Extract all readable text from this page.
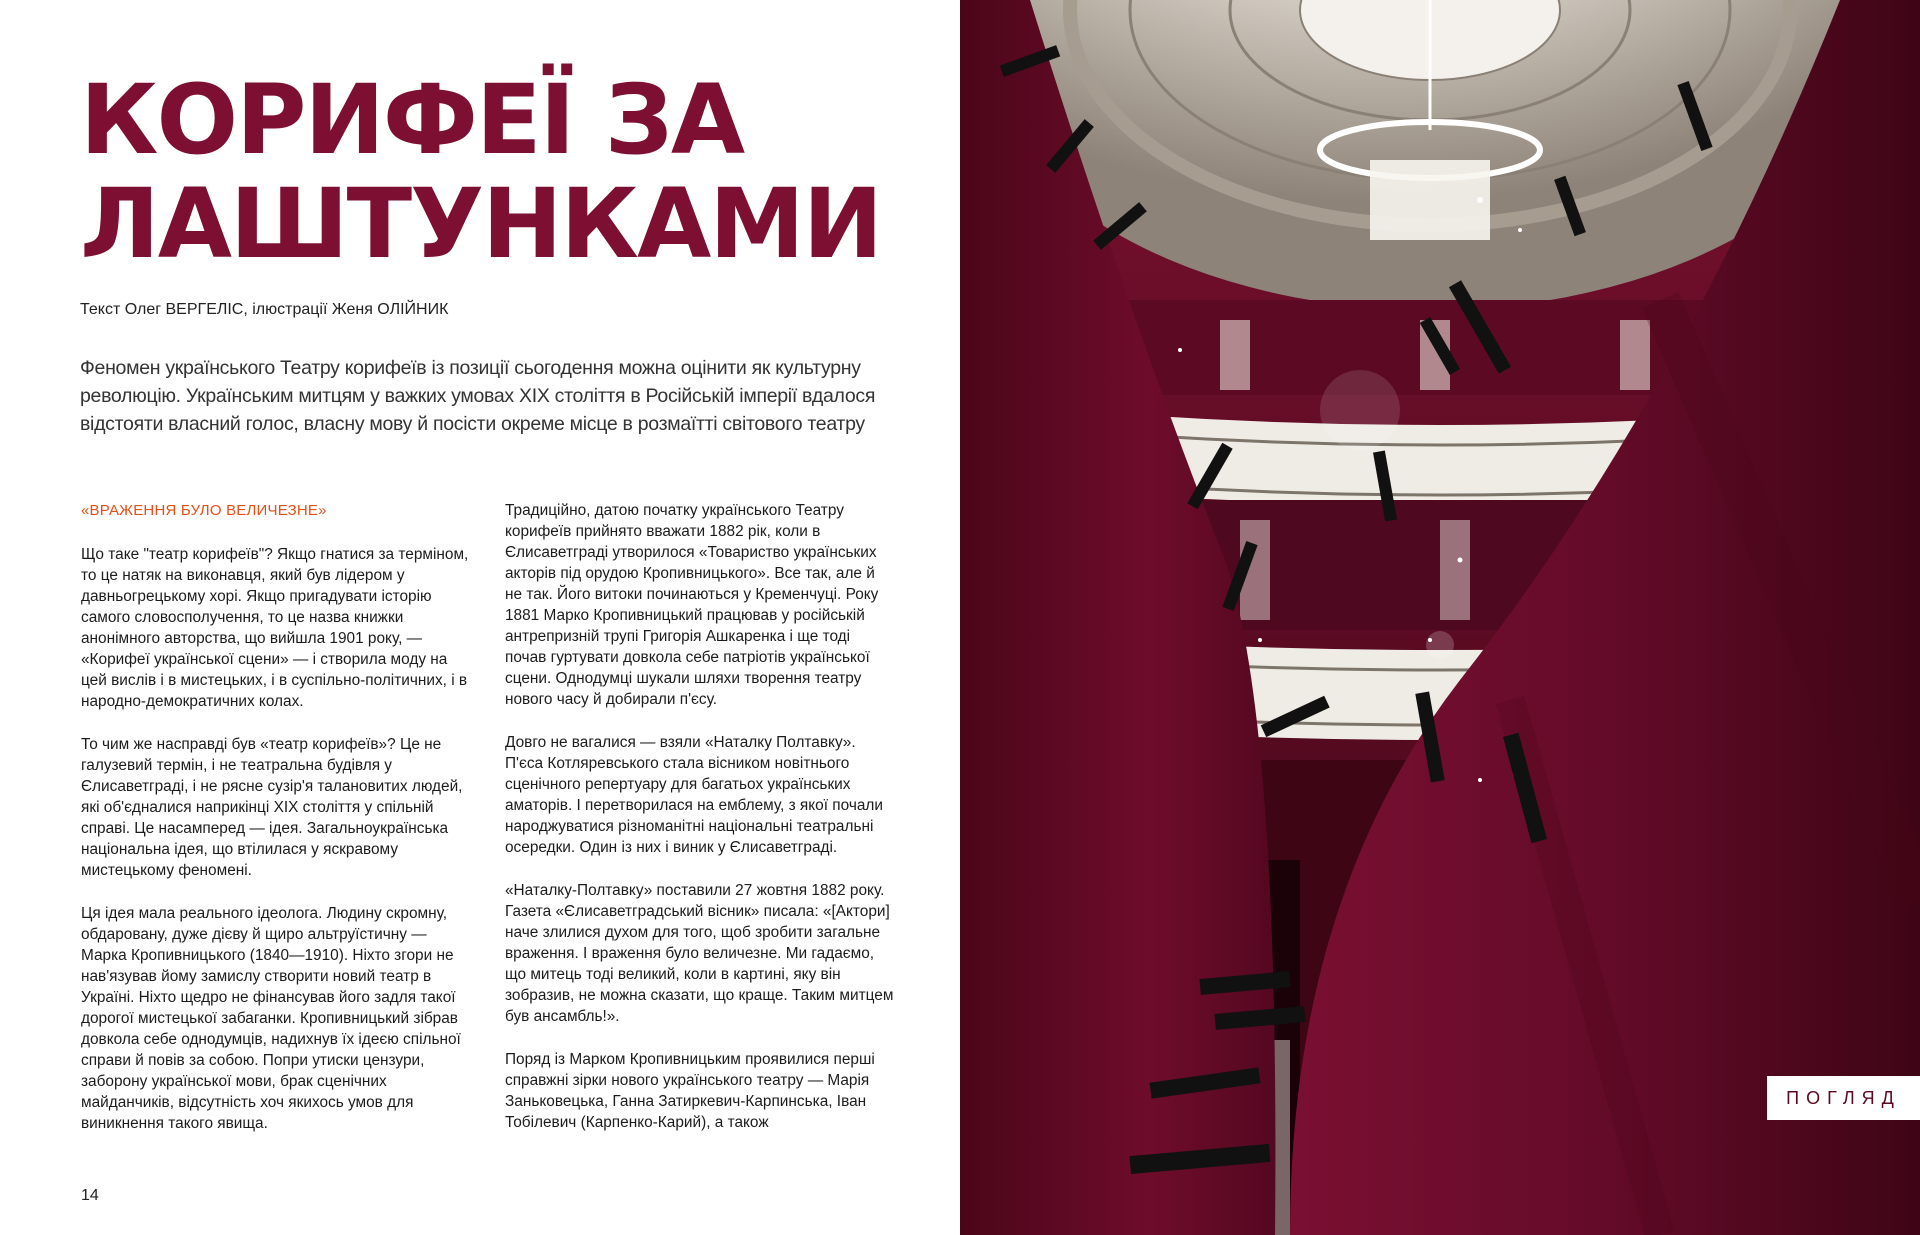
КОРИФЕЇ ЗА
ЛАШТУНКАМИ
Текст Олег ВЕРГЕЛІС, ілюстрації Женя ОЛІЙНИК

Феномен українського Театру корифеїв із позиції сьогодення можна оцінити як культурну революцію. Українським митцям у важких умовах XIX століття в Російській імперії вдалося відстояти власний голос, власну мову й посісти окреме місце в розмаїтті світового театру

«ВРАЖЕННЯ БУЛО ВЕЛИЧЕЗНЕ»

Що таке "театр корифеїв"? Якщо гнатися за терміном, то це натяк на виконавця, який був лідером у давньогрецькому хорі. Якщо пригадувати історію самого словосполучення, то це назва книжки анонімного авторства, що вийшла 1901 року, — «Корифеї української сцени» — і створила моду на цей вислів і в мистецьких, і в суспільно-політичних, і в народно-демократичних колах.

То чим же насправді був «театр корифеїв»? Це не галузевий термін, і не театральна будівля у Єлисаветграді, і не рясне сузір'я талановитих людей, які об'єдналися наприкінці XIX століття у спільній справі. Це насамперед — ідея. Загальноукраїнська національна ідея, що втілилася у яскравому мистецькому феномені.

Ця ідея мала реального ідеолога. Людину скромну, обдаровану, дуже дієву й щиро альтруїстичну — Марка Кропивницького (1840—1910). Ніхто згори не нав'язував йому замислу створити новий театр в Україні. Ніхто щедро не фінансував його задля такої дорогої мистецької забаганки. Кропивницький зібрав довкола себе однодумців, надихнув їх ідеєю спільної справи й повів за собою. Попри утиски цензури, заборону української мови, брак сценічних майданчиків, відсутність хоч якихось умов для виникнення такого явища.

Традиційно, датою початку українського Театру корифеїв прийнято вважати 1882 рік, коли в Єлисаветграді утворилося «Товариство українських акторів під орудою Кропивницького». Все так, але й не так. Його витоки починаються у Кременчуці. Року 1881 Марко Кропивницький працював у російській антрепризній трупі Григорія Ашкаренка і ще тоді почав гуртувати довкола себе патріотів української сцени. Однодумці шукали шляхи творення театру нового часу й добирали п'єсу.

Довго не вагалися — взяли «Наталку Полтавку». П'єса Котляревського стала вісником новітнього сценічного репертуару для багатьох українських аматорів. І перетворилася на емблему, з якої почали народжуватися різноманітні національні театральні осередки. Один із них і виник у Єлисаветграді.

«Наталку-Полтавку» поставили 27 жовтня 1882 року. Газета «Єлисаветградський вісник» писала: «[Актори] наче злилися духом для того, щоб зробити загальне враження. І враження було величезне. Ми гадаємо, що митець тоді великий, коли в картині, яку він зобразив, не можна сказати, що краще. Таким митцем був ансамбль!».

Поряд із Марком Кропивницьким проявилися перші справжні зірки нового українського театру — Марія Заньковецька, Ганна Затиркевич-Карпинська, Іван Тобілевич (Карпенко-Карий), а також

14
ПОГЛЯД
